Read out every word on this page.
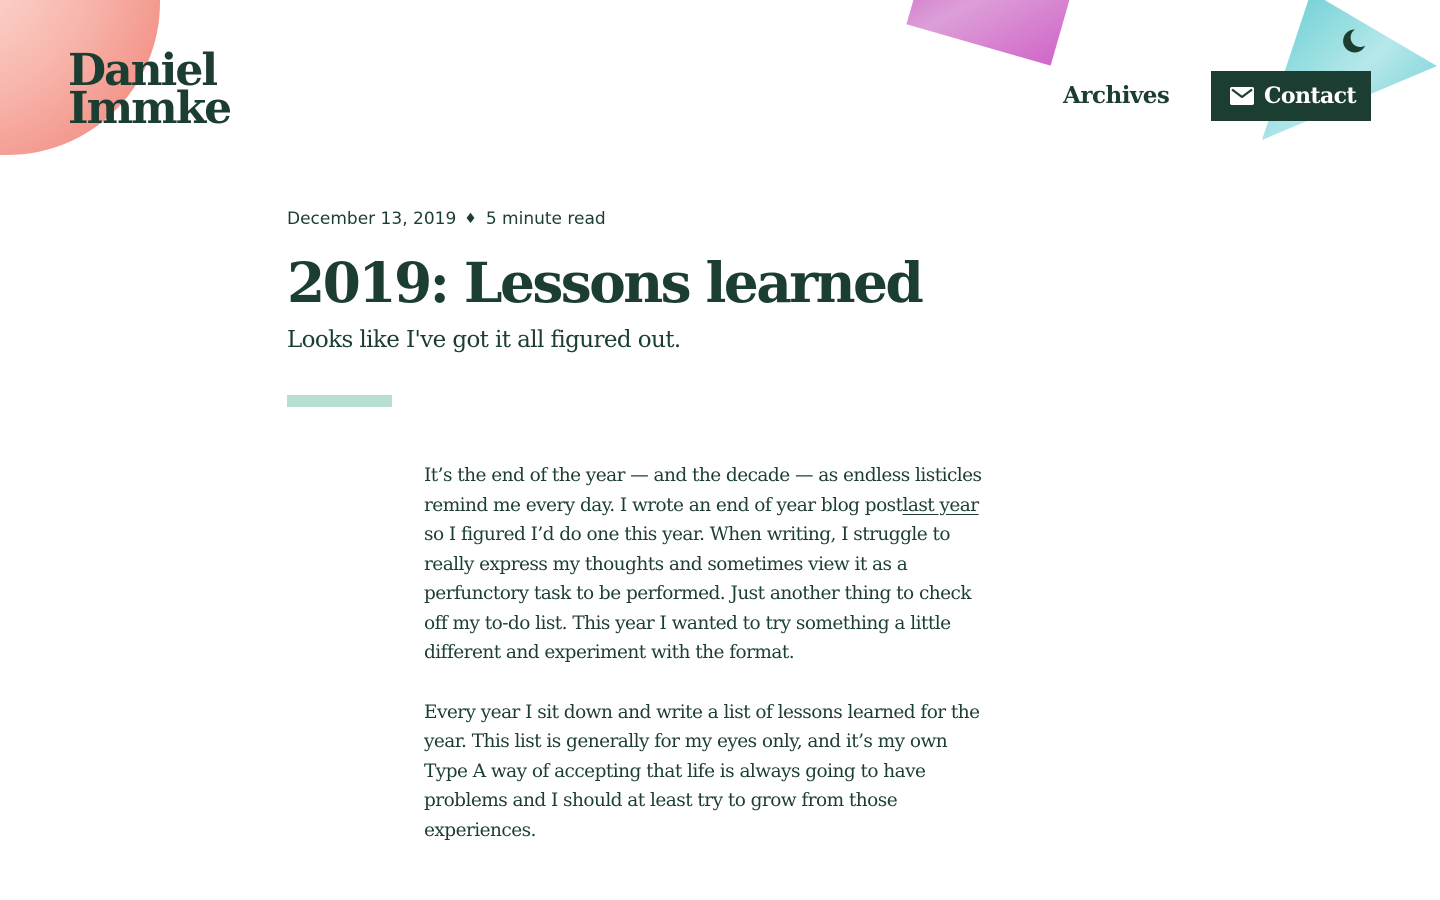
Daniel
Immke	Archives	Contact
December 13, 2019 ♦ 5 minute read
2019: Lessons learned

Looks like I've got it all figured out.

It’s the end of the year — and the decade — as endless listicles
remind me every day. I wrote an end of year blog postlast year
so I figured I’d do one this year. When writing, I struggle to
really express my thoughts and sometimes view it as a
perfunctory task to be performed. Just another thing to check
off my to-do list. This year I wanted to try something a little
different and experiment with the format.

Every year I sit down and write a list of lessons learned for the
year. This list is generally for my eyes only, and it’s my own
Type A way of accepting that life is always going to have
problems and I should at least try to grow from those
experiences.
